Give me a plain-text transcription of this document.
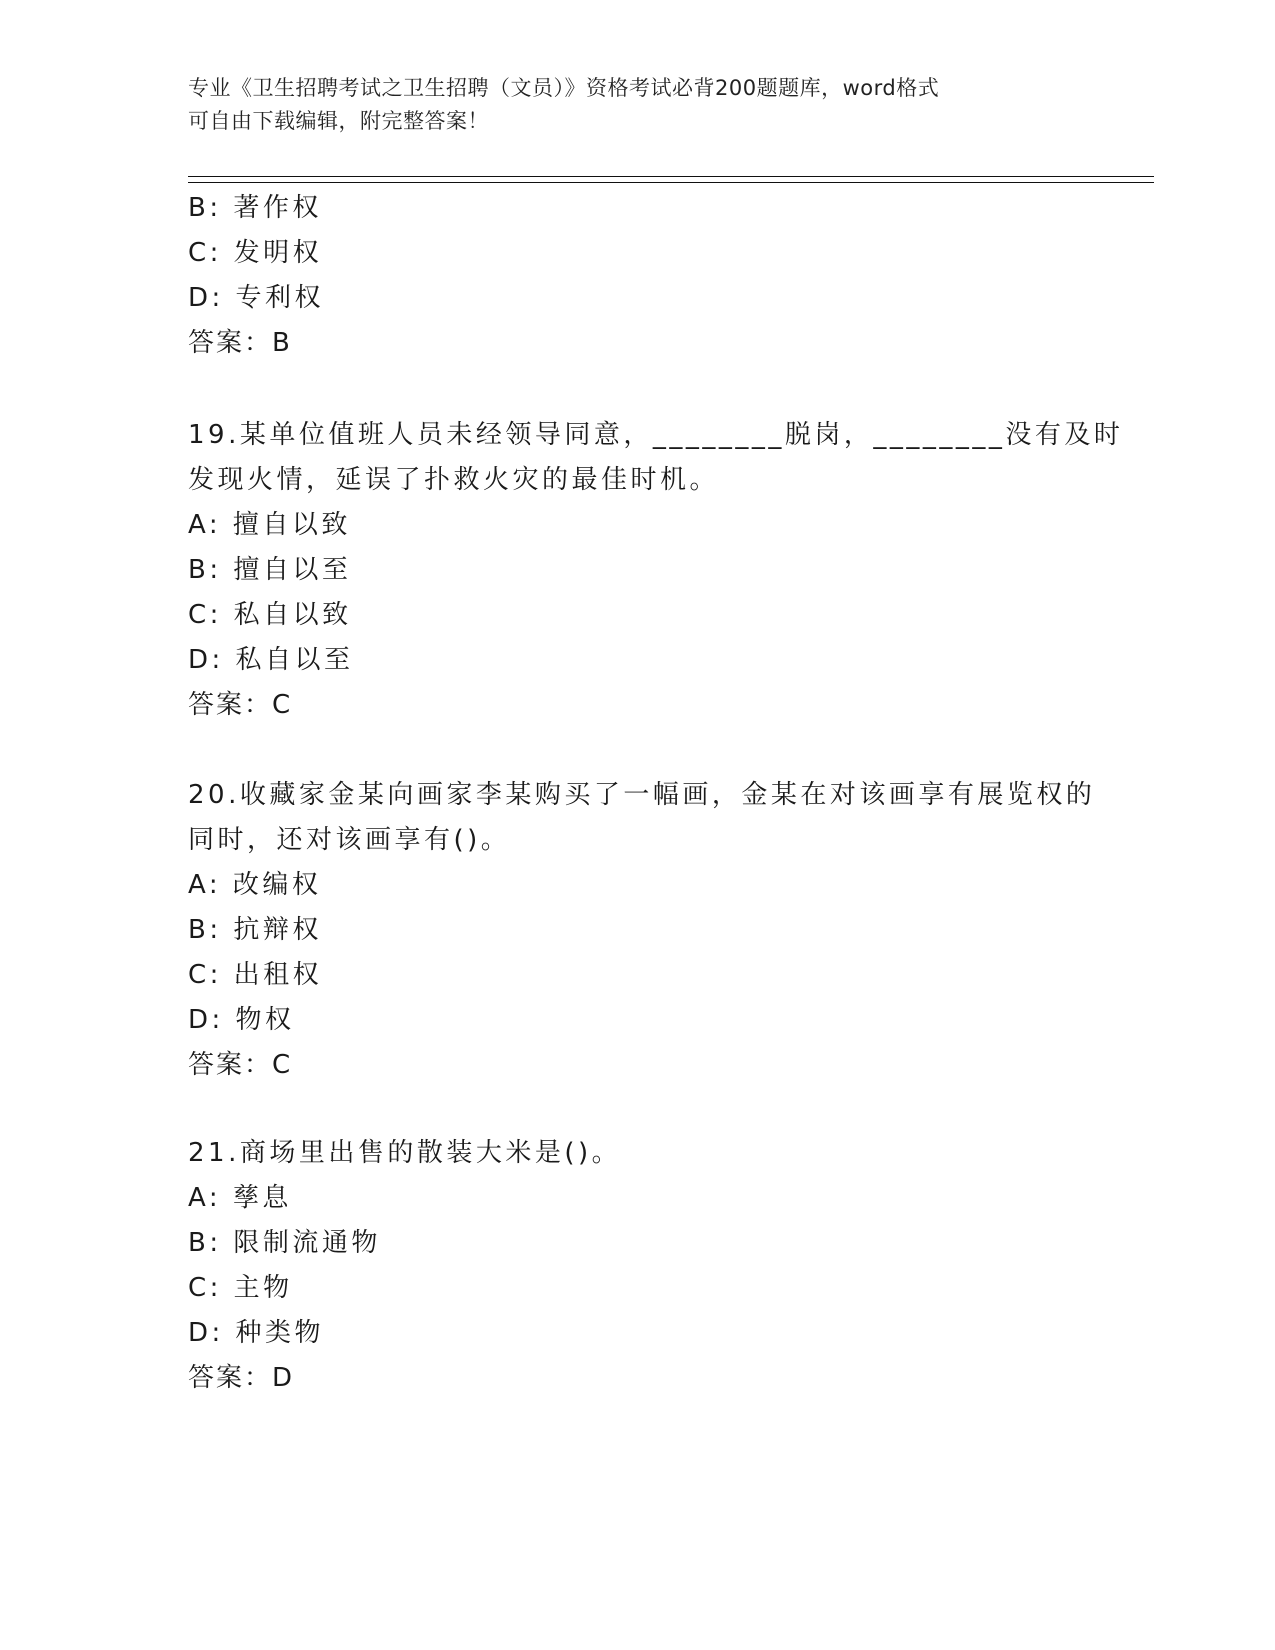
专业《卫生招聘考试之卫生招聘（文员）》资格考试必背200题题库，word格式
可自由下载编辑，附完整答案！
B: 著作权
C: 发明权
D: 专利权
答案：B
19.某单位值班人员未经领导同意，________脱岗，________没有及时
发现火情，延误了扑救火灾的最佳时机。
A: 擅自以致
B: 擅自以至
C: 私自以致
D: 私自以至
答案：C
20.收藏家金某向画家李某购买了一幅画，金某在对该画享有展览权的
同时，还对该画享有()。
A: 改编权
B: 抗辩权
C: 出租权
D: 物权
答案：C
21.商场里出售的散装大米是()。
A: 孳息
B: 限制流通物
C: 主物
D: 种类物
答案：D
